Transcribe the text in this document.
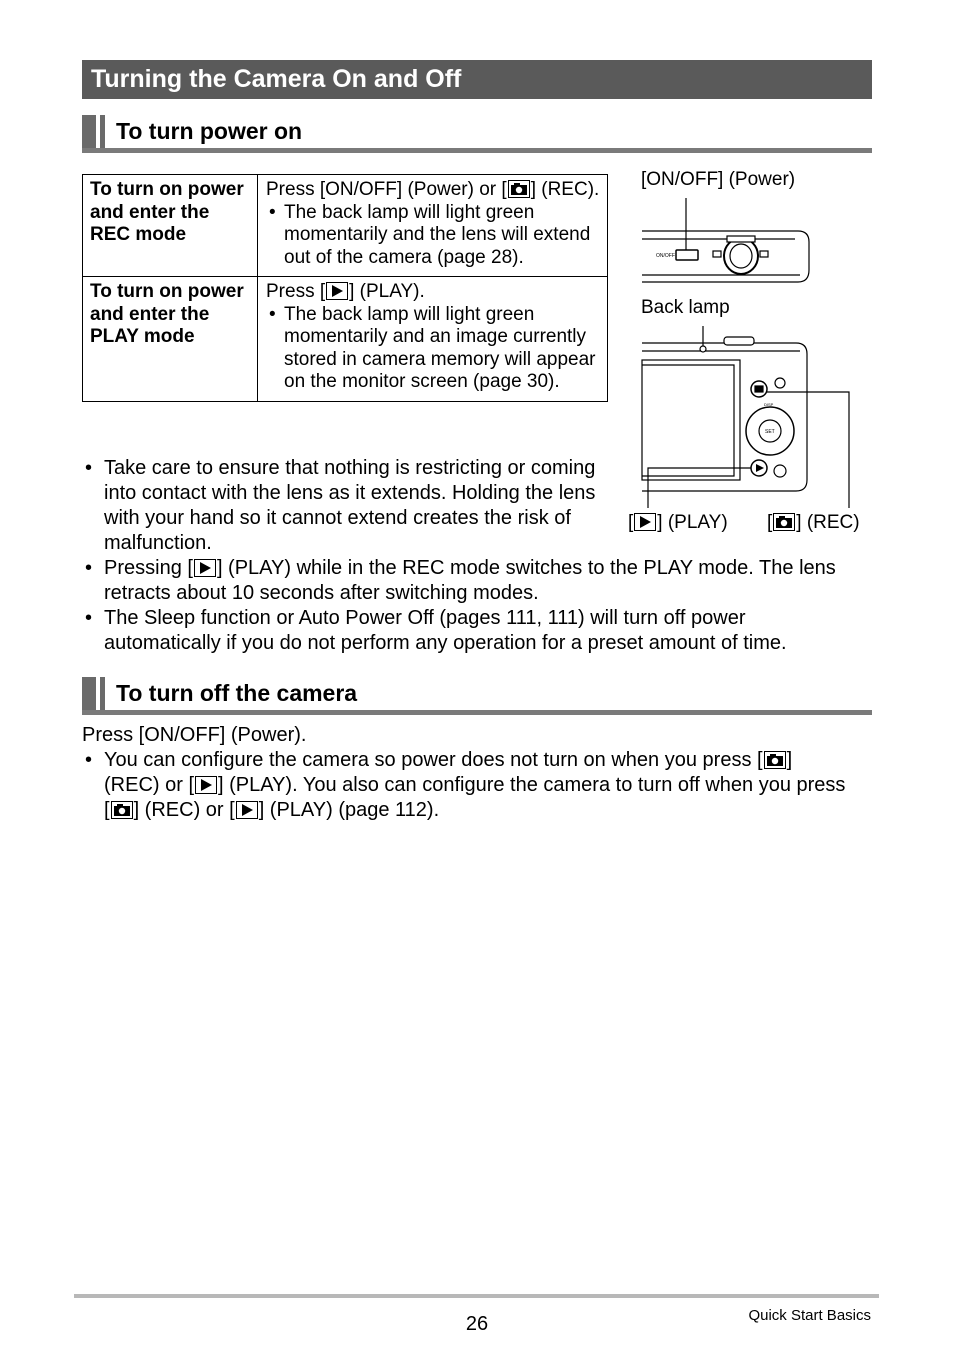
Turning the Camera On and Off
To turn power on
To turn on power and enter the REC mode	Press [ON/OFF] (Power) or [ ] (REC).
• The back lamp will light green momentarily and the lens will extend out of the camera (page 28).

To turn on power and enter the PLAY mode	Press [ ] (PLAY).
• The back lamp will light green momentarily and an image currently stored in camera memory will appear on the monitor screen (page 30).
• Take care to ensure that nothing is restricting or coming into contact with the lens as it extends. Holding the lens with your hand so it cannot extend creates the risk of malfunction.
• Pressing [ ] (PLAY) while in the REC mode switches to the PLAY mode. The lens retracts about 10 seconds after switching modes.
• The Sleep function or Auto Power Off (pages 111, 111) will turn off power automatically if you do not perform any operation for a preset amount of time.
[ON/OFF] (Power)
Back lamp
[ ] (PLAY) [ ] (REC)
ON/OFF
SET
DISP
To turn off the camera
Press [ON/OFF] (Power).
• You can configure the camera so power does not turn on when you press [ ] (REC) or [ ] (PLAY). You also can configure the camera to turn off when you press [ ] (REC) or [ ] (PLAY) (page 112).
26	Quick Start Basics
